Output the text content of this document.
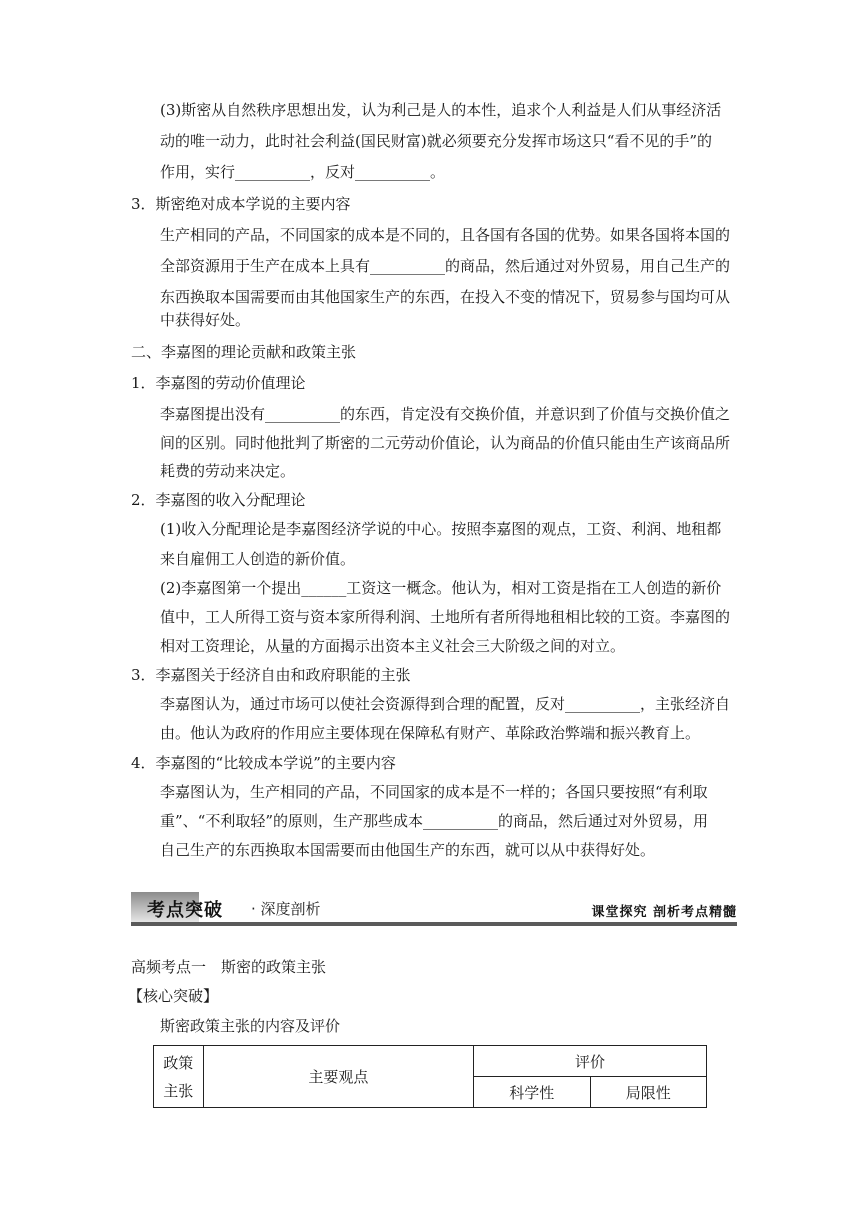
(3)斯密从自然秩序思想出发，认为利己是人的本性，追求个人利益是人们从事经济活
动的唯一动力，此时社会利益(国民财富)就必须要充分发挥市场这只“看不见的手”的
作用，实行__________，反对__________。
3．斯密绝对成本学说的主要内容
生产相同的产品，不同国家的成本是不同的，且各国有各国的优势。如果各国将本国的
全部资源用于生产在成本上具有__________的商品，然后通过对外贸易，用自己生产的
东西换取本国需要而由其他国家生产的东西，在投入不变的情况下，贸易参与国均可从
中获得好处。
二、李嘉图的理论贡献和政策主张
1．李嘉图的劳动价值理论
李嘉图提出没有__________的东西，肯定没有交换价值，并意识到了价值与交换价值之
间的区别。同时他批判了斯密的二元劳动价值论，认为商品的价值只能由生产该商品所
耗费的劳动来决定。
2．李嘉图的收入分配理论
(1)收入分配理论是李嘉图经济学说的中心。按照李嘉图的观点，工资、利润、地租都
来自雇佣工人创造的新价值。
(2)李嘉图第一个提出______工资这一概念。他认为，相对工资是指在工人创造的新价
值中，工人所得工资与资本家所得利润、土地所有者所得地租相比较的工资。李嘉图的
相对工资理论，从量的方面揭示出资本主义社会三大阶级之间的对立。
3．李嘉图关于经济自由和政府职能的主张
李嘉图认为，通过市场可以使社会资源得到合理的配置，反对__________，主张经济自
由。他认为政府的作用应主要体现在保障私有财产、革除政治弊端和振兴教育上。
4．李嘉图的“比较成本学说”的主要内容
李嘉图认为，生产相同的产品，不同国家的成本是不一样的；各国只要按照“有利取
重”、“不利取轻”的原则，生产那些成本__________的商品，然后通过对外贸易，用
自己生产的东西换取本国需要而由他国生产的东西，就可以从中获得好处。
考点突破 · 深度剖析	课堂探究 剖析考点精髓
高频考点一　斯密的政策主张
【核心突破】
斯密政策主张的内容及评价
政策
主张	主要观点	评价	
		科学性	局限性
